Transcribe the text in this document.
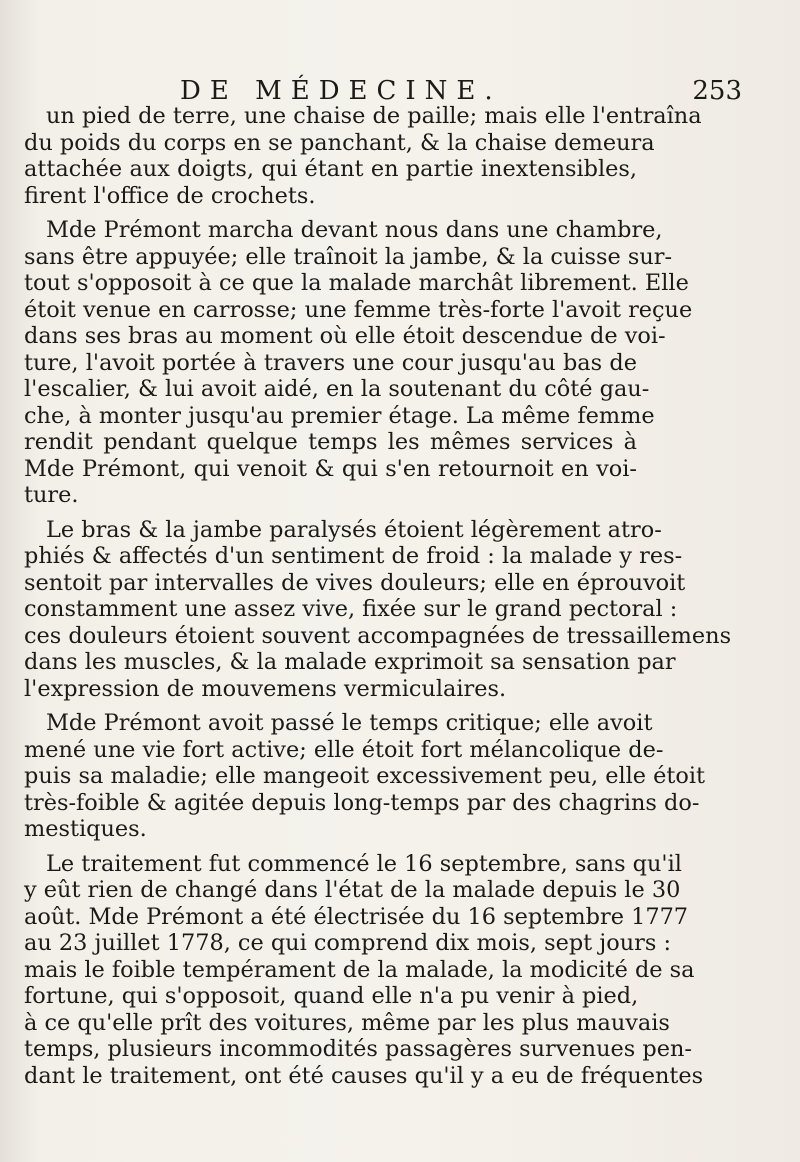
DE MÉDECINE.	253
un pied de terre, une chaise de paille; mais elle l'entraîna
du poids du corps en se panchant, & la chaise demeura
attachée aux doigts, qui étant en partie inextensibles,
firent l'office de crochets.
Mde Prémont marcha devant nous dans une chambre,
sans être appuyée; elle traînoit la jambe, & la cuisse sur-
tout s'opposoit à ce que la malade marchât librement. Elle
étoit venue en carrosse; une femme très-forte l'avoit reçue
dans ses bras au moment où elle étoit descendue de voi-
ture, l'avoit portée à travers une cour jusqu'au bas de
l'escalier, & lui avoit aidé, en la soutenant du côté gau-
che, à monter jusqu'au premier étage. La même femme
rendit pendant quelque temps les mêmes services à
Mde Prémont, qui venoit & qui s'en retournoit en voi-
ture.
Le bras & la jambe paralysés étoient légèrement atro-
phiés & affectés d'un sentiment de froid : la malade y res-
sentoit par intervalles de vives douleurs; elle en éprouvoit
constamment une assez vive, fixée sur le grand pectoral :
ces douleurs étoient souvent accompagnées de tressaillemens
dans les muscles, & la malade exprimoit sa sensation par
l'expression de mouvemens vermiculaires.
Mde Prémont avoit passé le temps critique; elle avoit
mené une vie fort active; elle étoit fort mélancolique de-
puis sa maladie; elle mangeoit excessivement peu, elle étoit
très-foible & agitée depuis long-temps par des chagrins do-
mestiques.
Le traitement fut commencé le 16 septembre, sans qu'il
y eût rien de changé dans l'état de la malade depuis le 30
août. Mde Prémont a été électrisée du 16 septembre 1777
au 23 juillet 1778, ce qui comprend dix mois, sept jours :
mais le foible tempérament de la malade, la modicité de sa
fortune, qui s'opposoit, quand elle n'a pu venir à pied,
à ce qu'elle prît des voitures, même par les plus mauvais
temps, plusieurs incommodités passagères survenues pen-
dant le traitement, ont été causes qu'il y a eu de fréquentes
